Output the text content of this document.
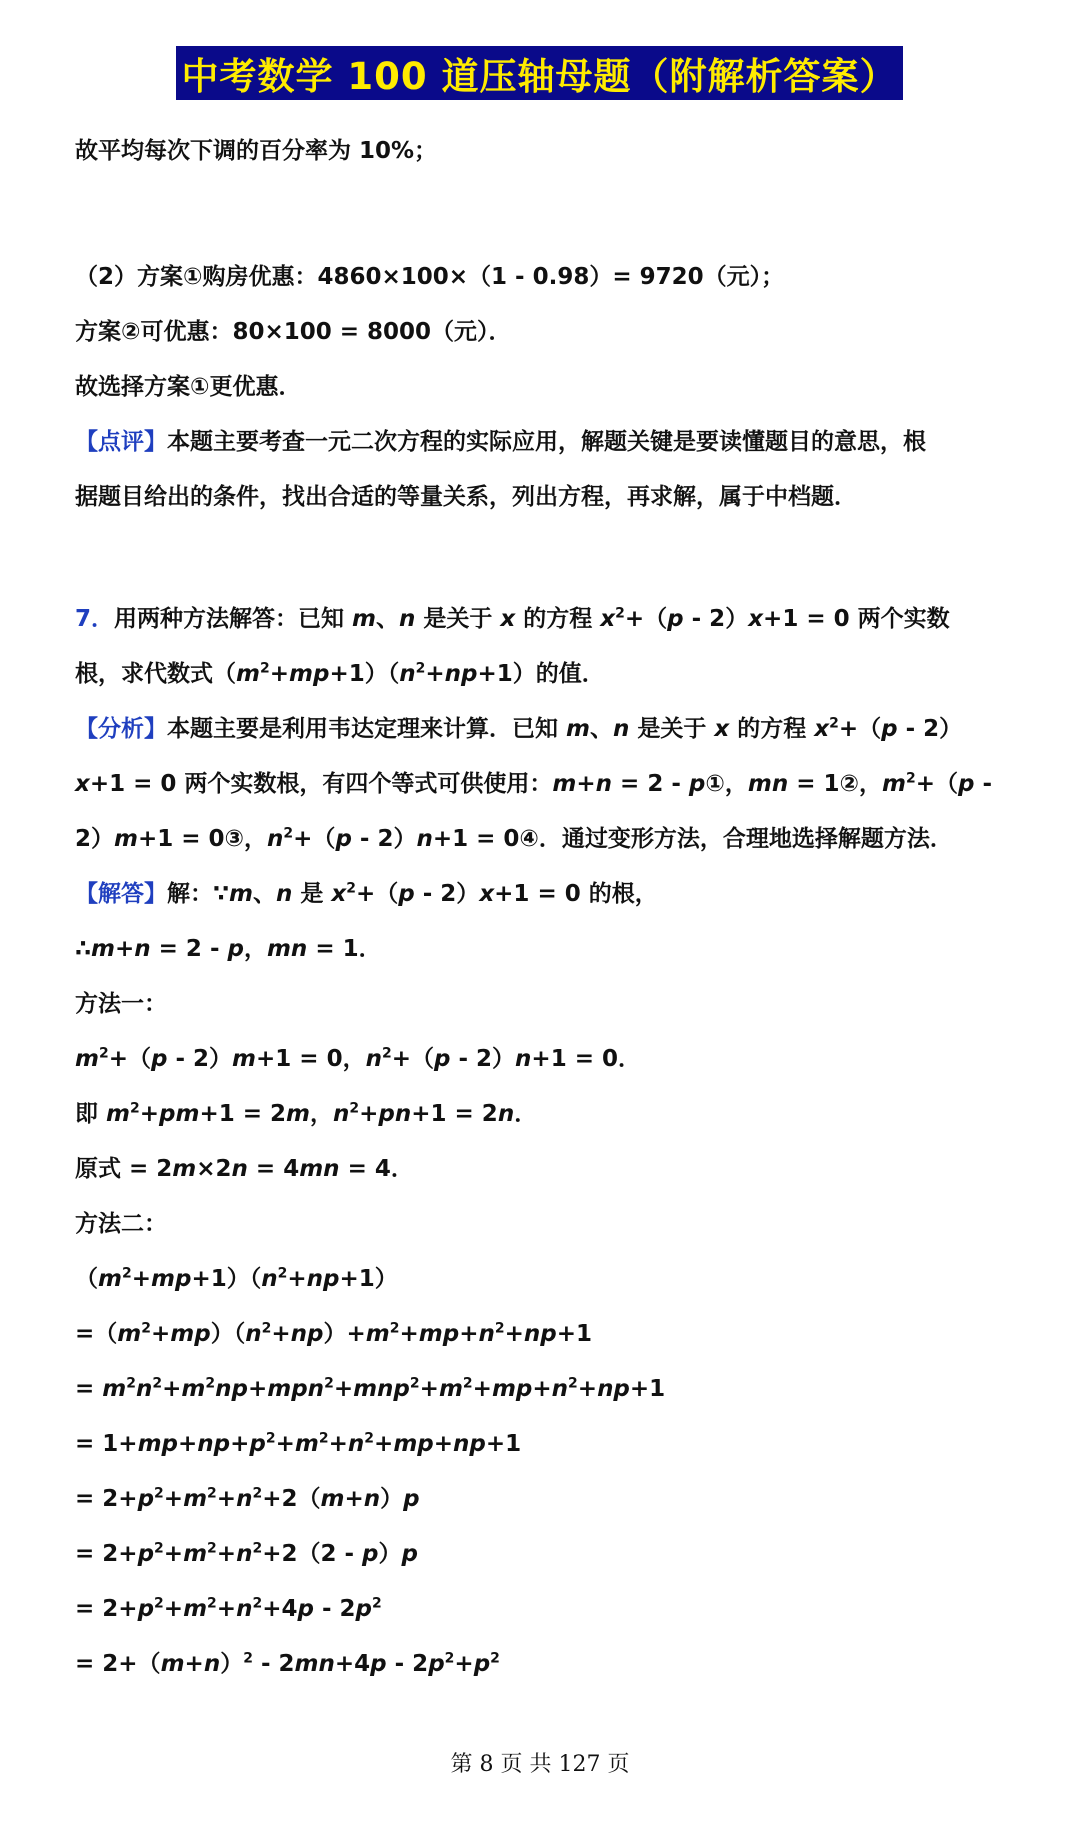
中考数学 100 道压轴母题（附解析答案）
故平均每次下调的百分率为 10%；
（2）方案①购房优惠：4860×100×（1 - 0.98）= 9720（元）；
方案②可优惠：80×100 = 8000（元）．
故选择方案①更优惠．
【点评】本题主要考查一元二次方程的实际应用，解题关键是要读懂题目的意思，根
据题目给出的条件，找出合适的等量关系，列出方程，再求解，属于中档题．
7．用两种方法解答：已知 m、n 是关于 x 的方程 $x^2+(p - 2)x+1 = 0$ 两个实数
根，求代数式$(m^2+mp+1)(n^2+np+1)$的值．
【分析】本题主要是利用韦达定理来计算．已知 m、n 是关于 x 的方程 $x^2+(p - 2)$
x+1 = 0 两个实数根，有四个等式可供使用：m+n = 2 - p①，mn = 1②，$m^2+(p$ -
2）m+1 = 0③，$n^2+(p - 2)n+1$ = 0④．通过变形方法，合理地选择解题方法．
【解答】解：∵m、n 是 $x^2+(p - 2)x+1 = 0$ 的根，
∴m+n = 2 - p，mn = 1．
方法一：
$m^2+(p - 2)m+1 = 0$，$n^2+(p - 2)n+1 = 0$．
即 $m^2+pm+1 = 2m$，$n^2+pn+1 = 2n$．
原式 = 2m×2n = 4mn = 4．
方法二：
$(m^2+mp+1)(n^2+np+1)$
$=(m^2+mp)(n^2+np)+m^2+mp+n^2+np+1$
= $m^2n^2+m^2np+mpn^2+mnp^2+m^2+mp+n^2+np+1$
= $1+mp+np+p^2+m^2+n^2+mp+np+1$
= $2+p^2+m^2+n^2+2(m+n)p$
= $2+p^2+m^2+n^2+2(2 - p)p$
= $2+p^2+m^2+n^2+4p - 2p^2$
= $2+(m+n)^2 - 2mn+4p - 2p^2+p^2$
第 8 页 共 127 页
